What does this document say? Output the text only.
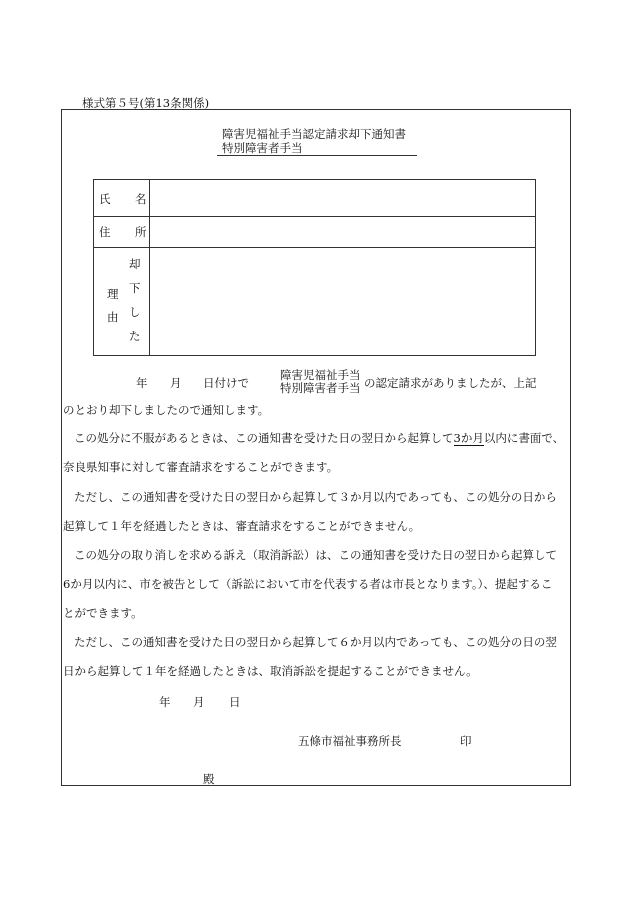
様式第５号(第13条関係)
障害児福祉手当認定請求却下通知書
特別障害者手当
氏 名
住 所
却
下
し
た
理
由
年 月 日付けで
障害児福祉手当
特別障害者手当 の認定請求がありましたが、上記
のとおり却下しましたので通知します。
この処分に不服があるときは、この通知書を受けた日の翌日から起算して3か月以内に書面で、
奈良県知事に対して審査請求をすることができます。
ただし、この通知書を受けた日の翌日から起算して３か月以内であっても、この処分の日から
起算して１年を経過したときは、審査請求をすることができません。
この処分の取り消しを求める訴え（取消訴訟）は、この通知書を受けた日の翌日から起算して
6か月以内に、市を被告として（訴訟において市を代表する者は市長となります。）、提起するこ
とができます。
ただし、この通知書を受けた日の翌日から起算して６か月以内であっても、この処分の日の翌
日から起算して１年を経過したときは、取消訴訟を提起することができません。
年 月 日
五條市福祉事務所長	印
殿
